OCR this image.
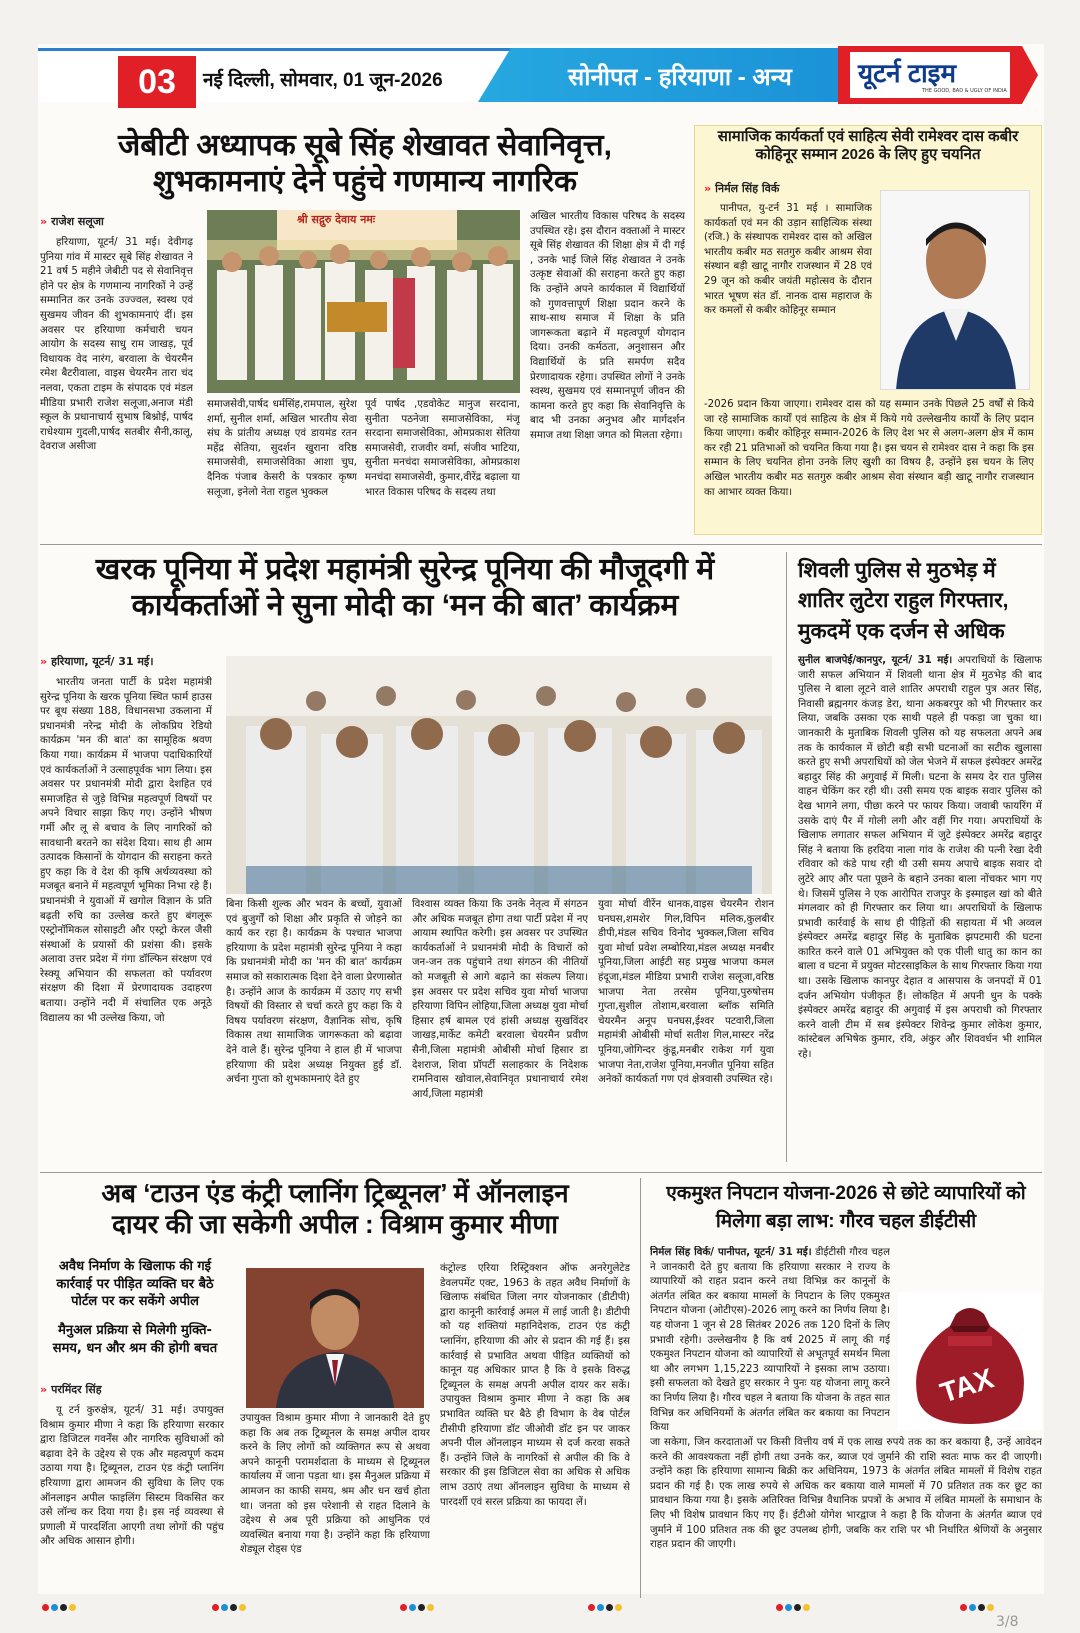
03	नई दिल्ली, सोमवार, 01 जून-2026	सोनीपत - हरियाणा - अन्य	यूटर्न टाइम
THE GOOD, BAD & UGLY OF INDIA
जेबीटी अध्यापक सूबे सिंह शेखावत सेवानिवृत्त,
शुभकामनाएं देने पहुंचे गणमान्य नागरिक
» राजेश सलूजा

हरियाणा, यूटर्न/ 31 मई। देवीगढ़ पुनिया गांव में मास्टर सूबे सिंह शेखावत ने 21 वर्ष 5 महीने जेबीटी पद से सेवानिवृत्त होने पर क्षेत्र के गणमान्य नागरिकों ने उन्हें सम्मानित कर उनके उज्ज्वल, स्वस्थ एवं सुखमय जीवन की शुभकामनाएं दीं। इस अवसर पर हरियाणा कर्मचारी चयन आयोग के सदस्य साधु राम जाखड़, पूर्व विधायक वेद नारंग, बरवाला के चेयरमैन रमेश बैटरीवाला, वाइस चेयरमैन तारा चंद नलवा, एकता टाइम के संपादक एवं मंडल मीडिया प्रभारी राजेश सलूजा,अनाज मंडी स्कूल के प्रधानाचार्य सुभाष बिश्नोई, पार्षद राधेश्याम गुदली,पार्षद सतबीर सैनी,कालू, देवराज असीजा

श्री सद्गुरु देवाय नमः

समाजसेवी,पार्षद धर्मसिंह,रामपाल, सुरेश शर्मा, सुनील शर्मा, अखिल भारतीय सेवा संघ के प्रांतीय अध्यक्ष एवं डायमंड रतन महेंद्र सेतिया, सुदर्शन खुराना वरिष्ठ समाजसेवी, समाजसेविका आशा चुघ, दैनिक पंजाब केसरी के पत्रकार कृष्ण सलूजा, इनेलो नेता राहुल भुक्कल

पूर्व पार्षद ,एडवोकेट मानुज सरदाना, सुनीता पठनेजा समाजसेविका, मंजू सरदाना समाजसेविका, ओमप्रकाश सेतिया समाजसेवी, राजवीर वर्मा, संजीव भाटिया, सुनीता मनचंदा समाजसेविका, ओमप्रकाश मनचंदा समाजसेवी, कुमार,वीरेंद्र बढ़ाला या भारत विकास परिषद के सदस्य तथा

अखिल भारतीय विकास परिषद के सदस्य उपस्थित रहे। इस दौरान वक्ताओं ने मास्टर सूबे सिंह शेखावत की शिक्षा क्षेत्र में दी गई , उनके भाई जिले सिंह शेखावत ने उनके उत्कृष्ट सेवाओं की सराहना करते हुए कहा कि उन्होंने अपने कार्यकाल में विद्यार्थियों को गुणवत्तापूर्ण शिक्षा प्रदान करने के साथ-साथ समाज में शिक्षा के प्रति जागरूकता बढ़ाने में महत्वपूर्ण योगदान दिया। उनकी कर्मठता, अनुशासन और विद्यार्थियों के प्रति समर्पण सदैव प्रेरणादायक रहेगा। उपस्थित लोगों ने उनके स्वस्थ, सुखमय एवं सम्मानपूर्ण जीवन की कामना करते हुए कहा कि सेवानिवृत्ति के बाद भी उनका अनुभव और मार्गदर्शन समाज तथा शिक्षा जगत को मिलता रहेगा।

सामाजिक कार्यकर्ता एवं साहित्य सेवी रामेश्वर दास कबीर कोहिनूर सम्मान 2026 के लिए हुए चयनित
» निर्मल सिंह विर्क

पानीपत, यु-टर्न 31 मई । सामाजिक कार्यकर्ता एवं मन की उड़ान साहित्यिक संस्था (रजि.) के संस्थापक रामेश्वर दास को अखिल भारतीय कबीर मठ सतगुरु कबीर आश्रम सेवा संस्थान बड़ी खाटू नागौर राजस्थान में 28 एवं 29 जून को कबीर जयंती महोत्सव के दौरान भारत भूषण संत डॉ. नानक दास महाराज के कर कमलों से कबीर कोहिनूर सम्मान

-2026 प्रदान किया जाएगा। रामेश्वर दास को यह सम्मान उनके पिछले 25 वर्षों से किये जा रहे सामाजिक कार्यों एवं साहित्य के क्षेत्र में किये गये उल्लेखनीय कार्यों के लिए प्रदान किया जाएगा। कबीर कोहिनूर सम्मान-2026 के लिए देश भर से अलग-अलग क्षेत्र में काम कर रही 21 प्रतिभाओं को चयनित किया गया है। इस चयन से रामेश्वर दास ने कहा कि इस सम्मान के लिए चयनित होना उनके लिए खुशी का विषय है, उन्होंने इस चयन के लिए अखिल भारतीय कबीर मठ सतगुरु कबीर आश्रम सेवा संस्थान बड़ी खाटू नागौर राजस्थान का आभार व्यक्त किया।

खरक पूनिया में प्रदेश महामंत्री सुरेन्द्र पूनिया की मौजूदगी में
कार्यकर्ताओं ने सुना मोदी का ‘मन की बात’ कार्यक्रम
» हरियाणा, यूटर्न/ 31 मई।

भारतीय जनता पार्टी के प्रदेश महामंत्री सुरेन्द्र पूनिया के खरक पूनिया स्थित फार्म हाउस पर बूथ संख्या 188, विधानसभा उकलाना में प्रधानमंत्री नरेन्द्र मोदी के लोकप्रिय रेडियो कार्यक्रम 'मन की बात' का सामूहिक श्रवण किया गया। कार्यक्रम में भाजपा पदाधिकारियों एवं कार्यकर्ताओं ने उत्साहपूर्वक भाग लिया। इस अवसर पर प्रधानमंत्री मोदी द्वारा देशहित एवं समाजहित से जुड़े विभिन्न महत्वपूर्ण विषयों पर अपने विचार साझा किए गए। उन्होंने भीषण गर्मी और लू से बचाव के लिए नागरिकों को सावधानी बरतने का संदेश दिया। साथ ही आम उत्पादक किसानों के योगदान की सराहना करते हुए कहा कि वे देश की कृषि अर्थव्यवस्था को मजबूत बनाने में महत्वपूर्ण भूमिका निभा रहे हैं। प्रधानमंत्री ने युवाओं में खगोल विज्ञान के प्रति बढ़ती रुचि का उल्लेख करते हुए बंगलूरू एस्ट्रोनॉमिकल सोसाइटी और एस्ट्रो केरल जैसी संस्थाओं के प्रयासों की प्रशंसा की। इसके अलावा उत्तर प्रदेश में गंगा डॉल्फिन संरक्षण एवं रेस्क्यू अभियान की सफलता को पर्यावरण संरक्षण की दिशा में प्रेरणादायक उदाहरण बताया। उन्होंने नदी में संचालित एक अनूठे विद्यालय का भी उल्लेख किया, जो

बिना किसी शुल्क और भवन के बच्चों, युवाओं एवं बुजुर्गों को शिक्षा और प्रकृति से जोड़ने का कार्य कर रहा है। कार्यक्रम के पश्चात भाजपा हरियाणा के प्रदेश महामंत्री सुरेन्द्र पूनिया ने कहा कि प्रधानमंत्री मोदी का 'मन की बात' कार्यक्रम समाज को सकारात्मक दिशा देने वाला प्रेरणास्रोत है। उन्होंने आज के कार्यक्रम में उठाए गए सभी विषयों की विस्तार से चर्चा करते हुए कहा कि ये विषय पर्यावरण संरक्षण, वैज्ञानिक सोच, कृषि विकास तथा सामाजिक जागरूकता को बढ़ावा देने वाले हैं। सुरेन्द्र पूनिया ने हाल ही में भाजपा हरियाणा की प्रदेश अध्यक्ष नियुक्त हुई डॉ. अर्चना गुप्ता को शुभकामनाएं देते हुए

विश्वास व्यक्त किया कि उनके नेतृत्व में संगठन और अधिक मजबूत होगा तथा पार्टी प्रदेश में नए आयाम स्थापित करेगी। इस अवसर पर उपस्थित कार्यकर्ताओं ने प्रधानमंत्री मोदी के विचारों को जन-जन तक पहुंचाने तथा संगठन की नीतियों को मजबूती से आगे बढ़ाने का संकल्प लिया। इस अवसर पर प्रदेश सचिव युवा मोर्चा भाजपा हरियाणा विपिन लोहिया,जिला अध्यक्ष युवा मोर्चा हिसार हर्ष बामल एवं हांसी अध्यक्ष सुखविंदर जाखड़,मार्केट कमेटी बरवाला चेयरमैन प्रवीण सैनी,जिला महामंत्री ओबीसी मोर्चा हिसार डा देशराज, शिवा प्रॉपर्टी सलाहकार के निदेशक रामनिवास खोवाल,सेवानिवृत प्रधानाचार्य रमेश आर्य,जिला महामंत्री

युवा मोर्चा वीरेंन धानक,वाइस चेयरमैन रोशन घनघस,शमशेर गिल,विपिन मलिक,कुलबीर डीपी,मंडल सचिव विनोद भुक्कल,जिला सचिव युवा मोर्चा प्रवेश लम्बोरिया,मंडल अध्यक्ष मनबीर पूनिया,जिला आईटी सह प्रमुख भाजपा कमल हंदूजा,मंडल मीडिया प्रभारी राजेश सलूजा,वरिष्ठ भाजपा नेता तरसेम पूनिया,पुरुषोत्तम गुप्ता,सुशील तोशाम,बरवाला ब्लॉक समिति चेयरमैन अनूप घनघस,ईश्वर पटवारी,जिला महामंत्री ओबीसी मोर्चा सतीश गिल,मास्टर नरेंद्र पूनिया,जोगिन्दर कुंडू,मनबीर राकेश गर्ग युवा भाजपा नेता,राजेश पूनिया,मनजीत पूनिया सहित अनेकों कार्यकर्ता गण एवं क्षेत्रवासी उपस्थित रहे।

शिवली पुलिस से मुठभेड़ में
शातिर लुटेरा राहुल गिरफ्तार,
मुकदमें एक दर्जन से अधिक

सुनील बाजपेई/कानपुर, यूटर्न/ 31 मई। अपराधियों के खिलाफ जारी सफल अभियान में शिवली थाना क्षेत्र में मुठभेड़ की बाद पुलिस ने बाला लूटने वाले शातिर अपराधी राहुल पुत्र अतर सिंह, निवासी ब्रह्मनगर कंजड़ डेरा, थाना अकबरपुर को भी गिरफ्तार कर लिया, जबकि उसका एक साथी पहले ही पकड़ा जा चुका था। जानकारी के मुताबिक शिवली पुलिस को यह सफलता अपने अब तक के कार्यकाल में छोटी बड़ी सभी घटनाओं का सटीक खुलासा करते हुए सभी अपराधियों को जेल भेजने में सफल इंस्पेक्टर अमरेंद्र बहादुर सिंह की अगुवाई में मिली। घटना के समय देर रात पुलिस वाहन चेकिंग कर रही थी। उसी समय एक बाइक सवार पुलिस को देख भागने लगा, पीछा करने पर फायर किया। जवाबी फायरिंग में उसके दाएं पैर में गोली लगी और वहीं गिर गया। अपराधियों के खिलाफ लगातार सफल अभियान में जुटे इंस्पेक्टर अमरेंद्र बहादुर सिंह ने बताया कि हरदिया नाला गांव के राजेश की पत्नी रेखा देवी रविवार को कंडे पाथ रही थी उसी समय अपाचे बाइक सवार दो लुटेरे आए और पता पूछने के बहाने उनका बाला नोंचकर भाग गए थे। जिसमें पुलिस ने एक आरोपित राजपुर के इस्माइल खां को बीते मंगलवार को ही गिरफ्तार कर लिया था। अपराधियों के खिलाफ प्रभावी कार्रवाई के साथ ही पीड़ितों की सहायता में भी अव्वल इंस्पेक्टर अमरेंद्र बहादुर सिंह के मुताबिक झपटमारी की घटना कारित करने वाले 01 अभियुक्त को एक पीली धातु का कान का बाला व घटना में प्रयुक्त मोटरसाइकिल के साथ गिरफ्तार किया गया था। उसके खिलाफ कानपुर देहात व आसपास के जनपदों में 01 दर्जन अभियोग पंजीकृत हैं। लोकहित में अपनी धुन के पक्के इंस्पेक्टर अमरेंद्र बहादुर की अगुवाई में इस अपराधी को गिरफ्तार करने वाली टीम में सब इंस्पेक्टर शिवेन्द्र कुमार लोकेश कुमार, कांस्टेबल अभिषेक कुमार, रवि, अंकुर और शिववर्धन भी शामिल रहे।

अब ‘टाउन एंड कंट्री प्लानिंग ट्रिब्यूनल’ में ऑनलाइन
दायर की जा सकेगी अपील : विश्राम कुमार मीणा
अवैध निर्माण के खिलाफ की गई कार्रवाई पर पीड़ित व्यक्ति घर बैठे पोर्टल पर कर सकेंगे अपील
मैनुअल प्रक्रिया से मिलेगी मुक्ति- समय, धन और श्रम की होगी बचत
» परमिंदर सिंह

यू टर्न कुरुक्षेत्र, यूटर्न/ 31 मई। उपायुक्त विश्राम कुमार मीणा ने कहा कि हरियाणा सरकार द्वारा डिजिटल गवर्नेंस और नागरिक सुविधाओं को बढ़ावा देने के उद्देश्य से एक और महत्वपूर्ण कदम उठाया गया है। ट्रिब्यूनल, टाउन एंड कंट्री प्लानिंग हरियाणा द्वारा आमजन की सुविधा के लिए एक ऑनलाइन अपील फाइलिंग सिस्टम विकसित कर उसे लॉन्च कर दिया गया है। इस नई व्यवस्था से प्रणाली में पारदर्शिता आएगी तथा लोगों की पहुंच और अधिक आसान होगी।

उपायुक्त विश्राम कुमार मीणा ने जानकारी देते हुए कहा कि अब तक ट्रिब्यूनल के समक्ष अपील दायर करने के लिए लोगों को व्यक्तिगत रूप से अथवा अपने कानूनी परामर्शदाता के माध्यम से ट्रिब्यूनल कार्यालय में जाना पड़ता था। इस मैनुअल प्रक्रिया में आमजन का काफी समय, श्रम और धन खर्च होता था। जनता को इस परेशानी से राहत दिलाने के उद्देश्य से अब पूरी प्रक्रिया को आधुनिक एवं व्यवस्थित बनाया गया है। उन्होंने कहा कि हरियाणा शेड्यूल रोड्स एंड

कंट्रोल्ड एरिया रिस्ट्रिक्शन ऑफ अनरेगुलेटेड डेवलपमेंट एक्ट, 1963 के तहत अवैध निर्माणों के खिलाफ संबंधित जिला नगर योजनाकार (डीटीपी) द्वारा कानूनी कार्रवाई अमल में लाई जाती है। डीटीपी को यह शक्तियां महानिदेशक, टाउन एंड कंट्री प्लानिंग, हरियाणा की ओर से प्रदान की गई हैं। इस कार्रवाई से प्रभावित अथवा पीड़ित व्यक्तियों को कानून यह अधिकार प्राप्त है कि वे इसके विरुद्ध ट्रिब्यूनल के समक्ष अपनी अपील दायर कर सकें। उपायुक्त विश्राम कुमार मीणा ने कहा कि अब प्रभावित व्यक्ति घर बैठे ही विभाग के वेब पोर्टल टीसीपी हरियाणा डॉट जीओवी डॉट इन पर जाकर अपनी पील ऑनलाइन माध्यम से दर्ज करवा सकते हैं। उन्होंने जिले के नागरिकों से अपील की कि वे सरकार की इस डिजिटल सेवा का अधिक से अधिक लाभ उठाएं तथा ऑनलाइन सुविधा के माध्यम से पारदर्शी एवं सरल प्रक्रिया का फायदा लें।

एकमुश्त निपटान योजना-2026 से छोटे व्यापारियों को
मिलेगा बड़ा लाभ: गौरव चहल डीईटीसी

निर्मल सिंह विर्क/ पानीपत, यूटर्न/ 31 मई। डीईटीसी गौरव चहल ने जानकारी देते हुए बताया कि हरियाणा सरकार ने राज्य के व्यापारियों को राहत प्रदान करने तथा विभिन्न कर कानूनों के अंतर्गत लंबित कर बकाया मामलों के निपटान के लिए एकमुश्त निपटान योजना (ओटीएस)-2026 लागू करने का निर्णय लिया है। यह योजना 1 जून से 28 सितंबर 2026 तक 120 दिनों के लिए प्रभावी रहेगी। उल्लेखनीय है कि वर्ष 2025 में लागू की गई एकमुश्त निपटान योजना को व्यापारियों से अभूतपूर्व समर्थन मिला था और लगभग 1,15,223 व्यापारियों ने इसका लाभ उठाया। इसी सफलता को देखते हुए सरकार ने पुनः यह योजना लागू करने का निर्णय लिया है। गौरव चहल ने बताया कि योजना के तहत सात विभिन्न कर अधिनियमों के अंतर्गत लंबित कर बकाया का निपटान किया

TAX

जा सकेगा, जिन करदाताओं पर किसी वित्तीय वर्ष में एक लाख रुपये तक का कर बकाया है, उन्हें आवेदन करने की आवश्यकता नहीं होगी तथा उनके कर, ब्याज एवं जुर्माने की राशि स्वतः माफ कर दी जाएगी। उन्होंने कहा कि हरियाणा सामान्य बिक्री कर अधिनियम, 1973 के अंतर्गत लंबित मामलों में विशेष राहत प्रदान की गई है। एक लाख रुपये से अधिक कर बकाया वाले मामलों में 70 प्रतिशत तक कर छूट का प्रावधान किया गया है। इसके अतिरिक्त विभिन्न वैधानिक प्रपत्रों के अभाव में लंबित मामलों के समाधान के लिए भी विशेष प्रावधान किए गए हैं। ईटीओ योगेश भारद्वाज ने कहा है कि योजना के अंतर्गत ब्याज एवं जुर्माने में 100 प्रतिशत तक की छूट उपलब्ध होगी, जबकि कर राशि पर भी निर्धारित श्रेणियों के अनुसार राहत प्रदान की जाएगी।

3/8
